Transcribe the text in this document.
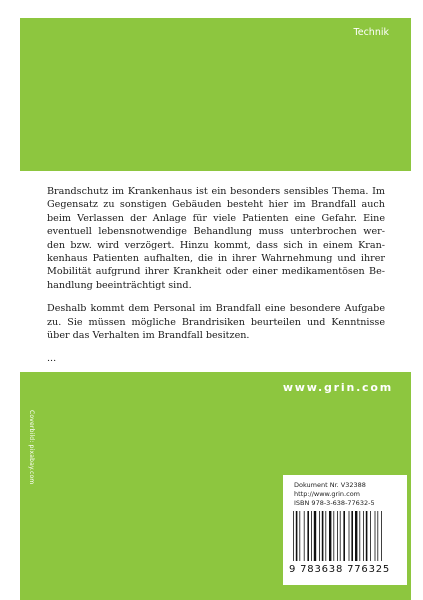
Technik

Brandschutz im Krankenhaus ist ein besonders sensibles Thema. Im Gegensatz zu sonstigen Gebäuden besteht hier im Brandfall auch beim Verlassen der Anlage für viele Patienten eine Gefahr. Eine eventuell lebensnotwendige Behandlung muss unterbrochen wer-den bzw. wird verzögert. Hinzu kommt, dass sich in einem Kran-kenhaus Patienten aufhalten, die in ihrer Wahrnehmung und ihrer Mobilität aufgrund ihrer Krankheit oder einer medikamentösen Be-handlung beeinträchtigt sind.

Deshalb kommt dem Personal im Brandfall eine besondere Aufgabe zu. Sie müssen mögliche Brandrisiken beurteilen und Kenntnisse über das Verhalten im Brandfall besitzen.

...

www.grin.com
Coverbild: pixabay.com
Dokument Nr. V32388
http://www.grin.com
ISBN 978-3-638-77632-5
9 783638 776325
